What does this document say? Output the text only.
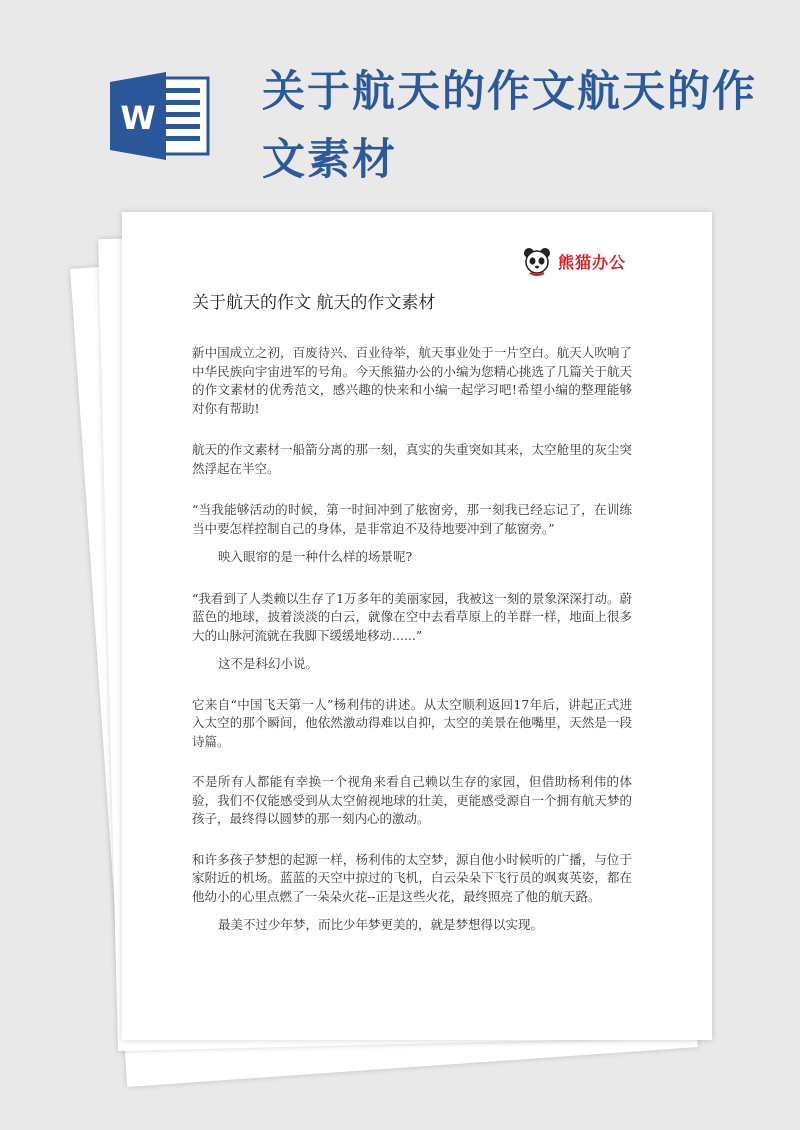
W
关于航天的作文航天的作文素材
熊猫办公
关于航天的作文 航天的作文素材

新中国成立之初，百废待兴、百业待举，航天事业处于一片空白。航天人吹响了中华民族向宇宙进军的号角。今天熊猫办公的小编为您精心挑选了几篇关于航天的作文素材的优秀范文，感兴趣的快来和小编一起学习吧!希望小编的整理能够对你有帮助!

航天的作文素材一船箭分离的那一刻，真实的失重突如其来，太空舱里的灰尘突然浮起在半空。

“当我能够活动的时候，第一时间冲到了舷窗旁，那一刻我已经忘记了，在训练当中要怎样控制自己的身体，是非常迫不及待地要冲到了舷窗旁。”

映入眼帘的是一种什么样的场景呢?

“我看到了人类赖以生存了1万多年的美丽家园，我被这一刻的景象深深打动。蔚蓝色的地球，披着淡淡的白云，就像在空中去看草原上的羊群一样，地面上很多大的山脉河流就在我脚下缓缓地移动......”

这不是科幻小说。

它来自“中国飞天第一人”杨利伟的讲述。从太空顺利返回17年后，讲起正式进入太空的那个瞬间，他依然激动得难以自抑，太空的美景在他嘴里，天然是一段诗篇。

不是所有人都能有幸换一个视角来看自己赖以生存的家园，但借助杨利伟的体验，我们不仅能感受到从太空俯视地球的壮美，更能感受源自一个拥有航天梦的孩子，最终得以圆梦的那一刻内心的激动。

和许多孩子梦想的起源一样，杨利伟的太空梦，源自他小时候听的广播，与位于家附近的机场。蓝蓝的天空中掠过的飞机，白云朵朵下飞行员的飒爽英姿，都在他幼小的心里点燃了一朵朵火花--正是这些火花，最终照亮了他的航天路。

最美不过少年梦，而比少年梦更美的，就是梦想得以实现。
